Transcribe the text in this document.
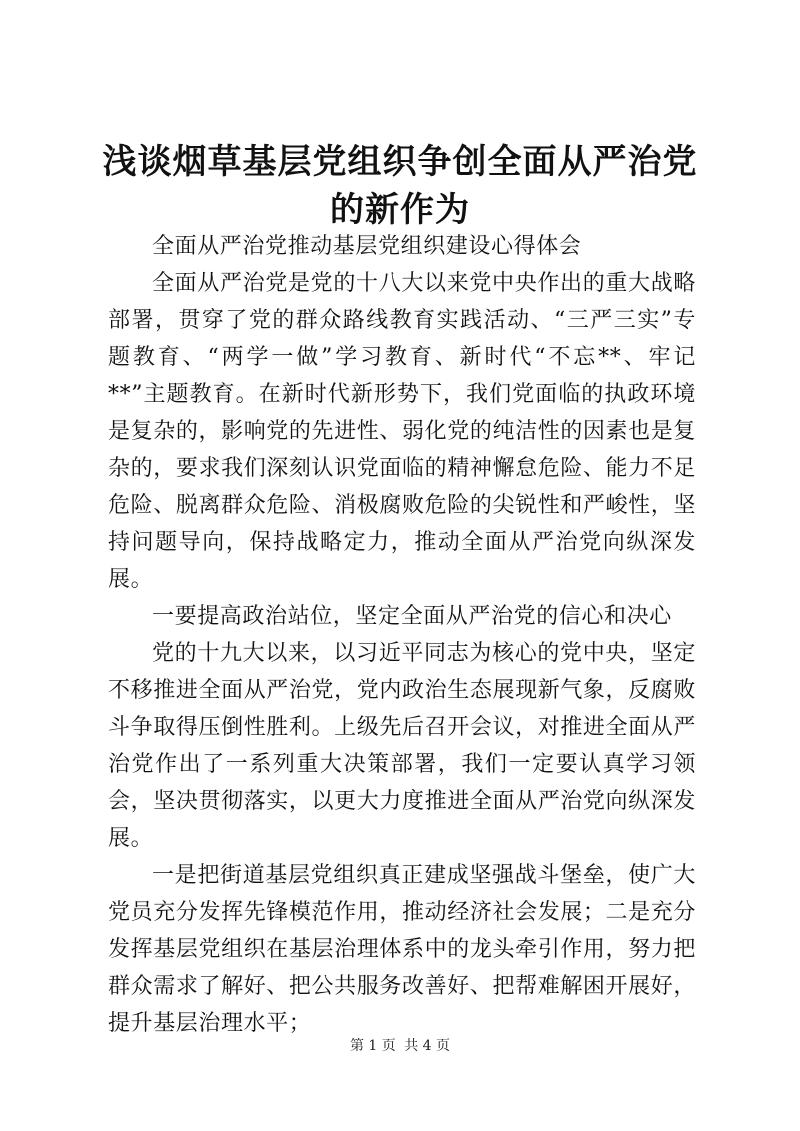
浅谈烟草基层党组织争创全面从严治党的新作为

全面从严治党推动基层党组织建设心得体会

全面从严治党是党的十八大以来党中央作出的重大战略部署，贯穿了党的群众路线教育实践活动、“三严三实”专题教育、“两学一做”学习教育、新时代“不忘**、牢记**”主题教育。在新时代新形势下，我们党面临的执政环境是复杂的，影响党的先进性、弱化党的纯洁性的因素也是复杂的，要求我们深刻认识党面临的精神懈怠危险、能力不足危险、脱离群众危险、消极腐败危险的尖锐性和严峻性，坚持问题导向，保持战略定力，推动全面从严治党向纵深发展。

一要提高政治站位，坚定全面从严治党的信心和决心

党的十九大以来，以习近平同志为核心的党中央，坚定不移推进全面从严治党，党内政治生态展现新气象，反腐败斗争取得压倒性胜利。上级先后召开会议，对推进全面从严治党作出了一系列重大决策部署，我们一定要认真学习领会，坚决贯彻落实，以更大力度推进全面从严治党向纵深发展。

一是把街道基层党组织真正建成坚强战斗堡垒，使广大党员充分发挥先锋模范作用，推动经济社会发展；二是充分发挥基层党组织在基层治理体系中的龙头牵引作用，努力把群众需求了解好、把公共服务改善好、把帮难解困开展好，提升基层治理水平；

第 1 页 共 4 页
